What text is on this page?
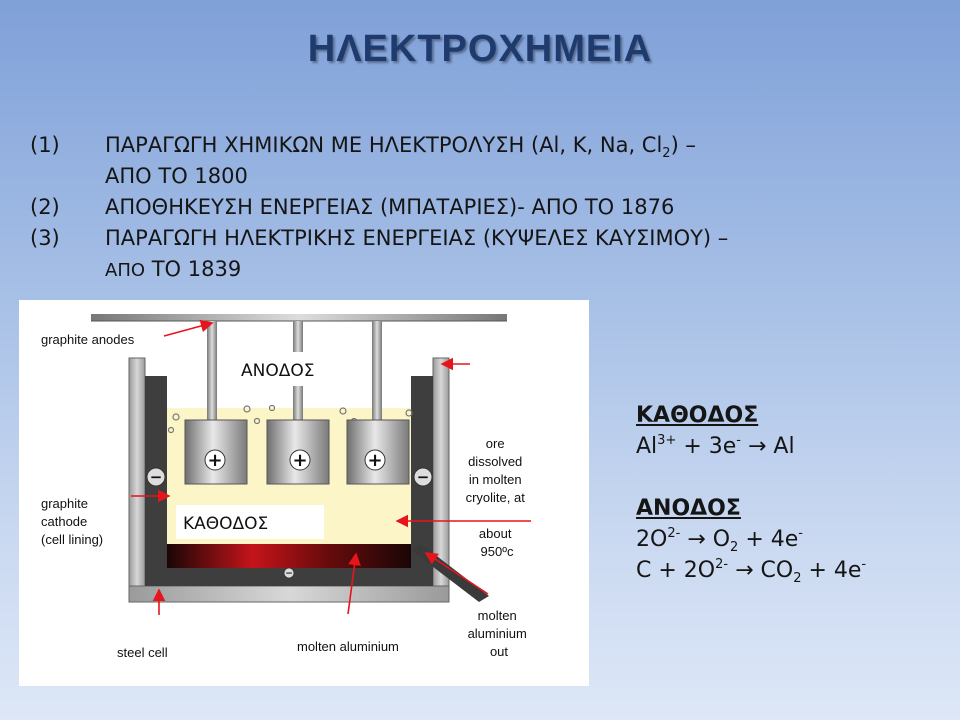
ΗΛΕΚΤΡΟΧΗΜΕΙΑ
(1)	ΠΑΡΑΓΩΓΗ ΧΗΜΙΚΩΝ ΜΕ ΗΛΕΚΤΡΟΛΥΣΗ (Al, K, Na, $Cl_2$) –
ΑΠΟ ΤΟ 1800
(2)	ΑΠΟΘΗΚΕΥΣΗ ΕΝΕΡΓΕΙΑΣ (ΜΠΑΤΑΡΙΕΣ)- ΑΠΟ ΤΟ 1876
(3)	ΠΑΡΑΓΩΓΗ ΗΛΕΚΤΡΙΚΗΣ ΕΝΕΡΓΕΙΑΣ (ΚΥΨΕΛΕΣ ΚΑΥΣΙΜΟΥ) –
ΑΠΟ ΤΟ 1839
+	+	+
−	−
−
ΑΝΟΔΟΣ
ΚΑΘΟΔΟΣ
graphite anodes
graphite cathode (cell lining)
ore dissolved in molten cryolite, at about 950ºc
steel cell	molten aluminium
molten aluminium out
ΚΑΘΟΔΟΣ
$Al^{3+} + 3e^- \to Al$
ΑΝΟΔΟΣ
$2O^{2-} \to O_2 + 4e^-$
$C + 2O^{2-} \to CO_2 + 4e^-$
